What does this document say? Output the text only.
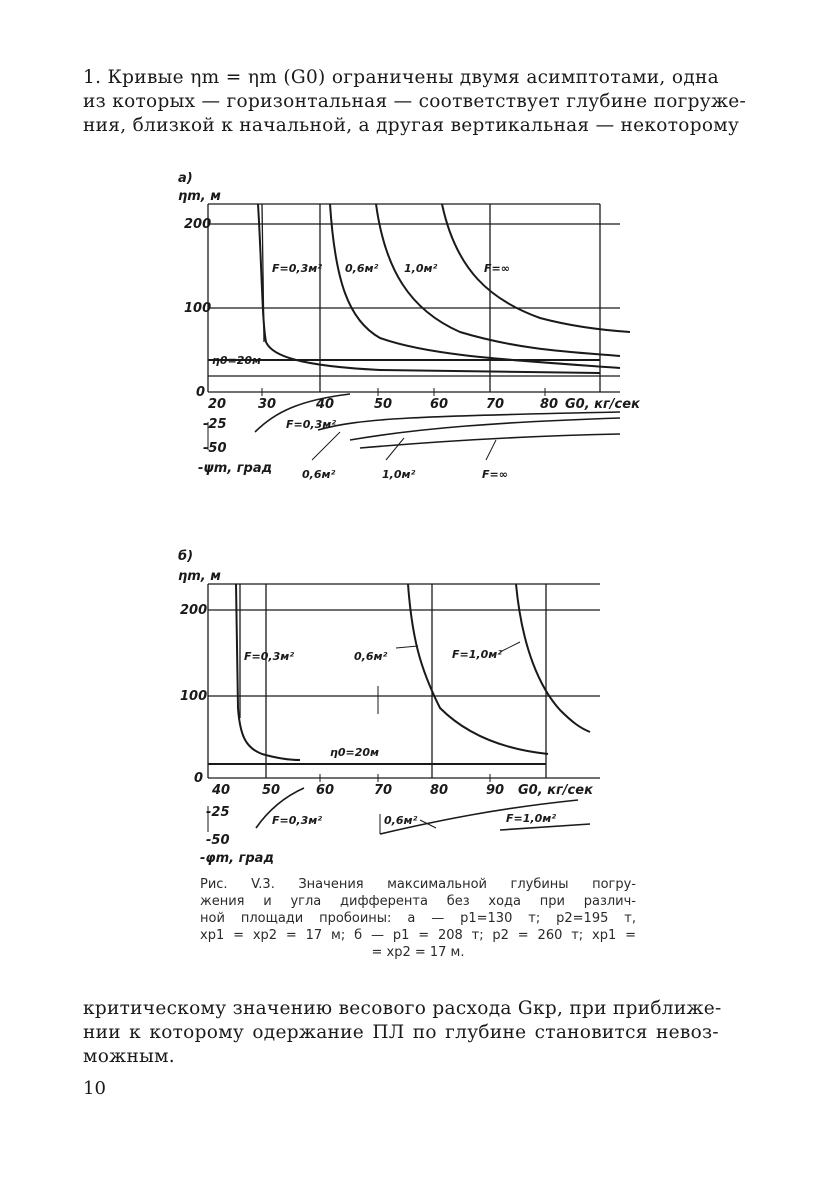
1. Кривые ηm = ηm (G0) ограничены двумя асимптотами, одна
из которых — горизонтальная — соответствует глубине погруже-
ния, близкой к начальной, а другая вертикальная — некоторому
а)
ηm, м
200
100
0
F=0,3м² 0,6м² 1,0м²	F=∞
η0=20м
20 30	40	50	60	70	80 G0, кг/сек
-25
-50
-ψm, град
F=0,3м²
0,6м²	1,0м²	F=∞
б)
ηm, м
200
100
0
F=0,3м²	0,6м²	F=1,0м²
η0=20м
40 50	60	70	80	90 G0, кг/сек
-25
-50
-φm, град
F=0,3м²	0,6м²	F=1,0м²
Рис. V.3. Значения максимальной глубины погру-
жения и угла дифферента без хода при различ-
ной площади пробоины: а — p1=130 т; p2=195 т,
xp1 = xp2 = 17 м; б — p1 = 208 т; p2 = 260 т; xp1 =
= xp2 = 17 м.
критическому значению весового расхода Gкр, при приближе-
нии к которому одержание ПЛ по глубине становится невоз-
можным.
10
